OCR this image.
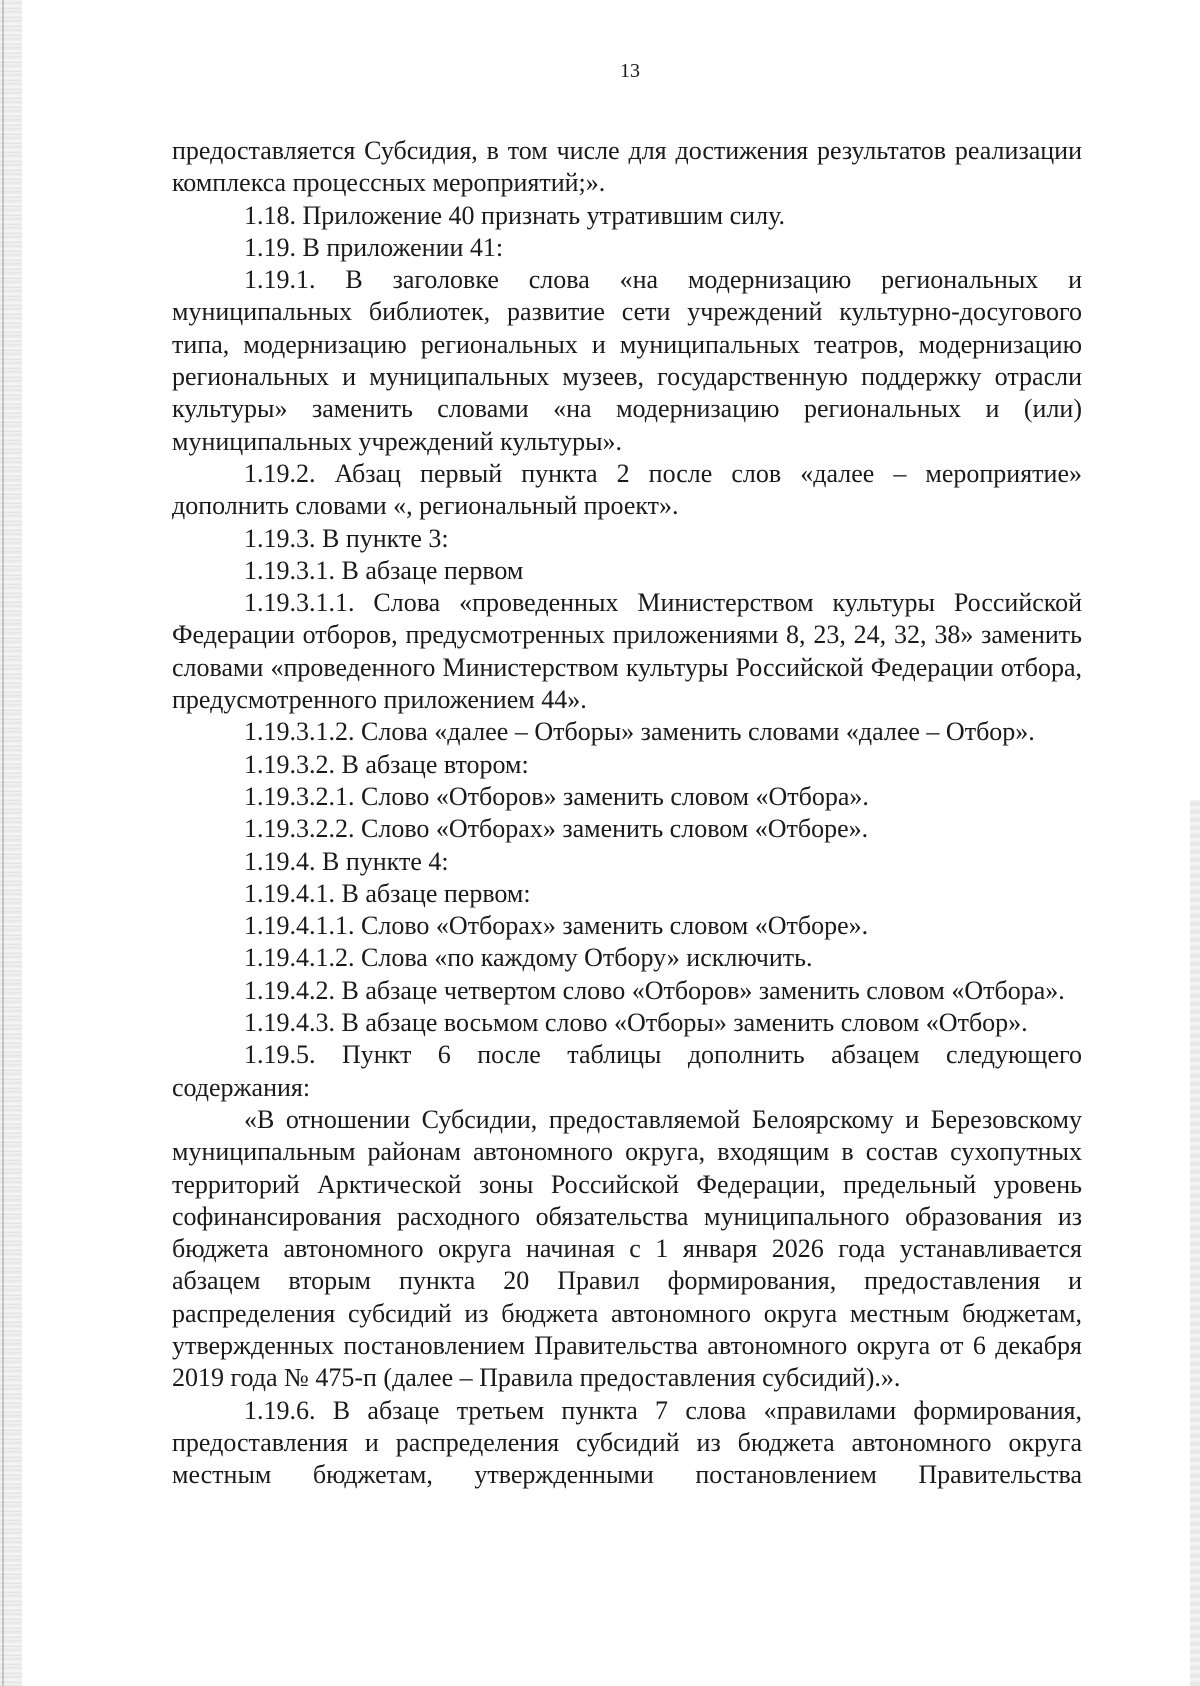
13

предоставляется Субсидия, в том числе для достижения результатов реализации комплекса процессных мероприятий;».

1.18. Приложение 40 признать утратившим силу.

1.19. В приложении 41:

1.19.1. В заголовке слова «на модернизацию региональных и муниципальных библиотек, развитие сети учреждений культурно-досугового типа, модернизацию региональных и муниципальных театров, модернизацию региональных и муниципальных музеев, государственную поддержку отрасли культуры» заменить словами «на модернизацию региональных и (или) муниципальных учреждений культуры».

1.19.2. Абзац первый пункта 2 после слов «далее – мероприятие» дополнить словами «, региональный проект».

1.19.3. В пункте 3:

1.19.3.1. В абзаце первом

1.19.3.1.1. Слова «проведенных Министерством культуры Российской Федерации отборов, предусмотренных приложениями 8, 23, 24, 32, 38» заменить словами «проведенного Министерством культуры Российской Федерации отбора, предусмотренного приложением 44».

1.19.3.1.2. Слова «далее – Отборы» заменить словами «далее – Отбор».

1.19.3.2. В абзаце втором:

1.19.3.2.1. Слово «Отборов» заменить словом «Отбора».

1.19.3.2.2. Слово «Отборах» заменить словом «Отборе».

1.19.4. В пункте 4:

1.19.4.1. В абзаце первом:

1.19.4.1.1. Слово «Отборах» заменить словом «Отборе».

1.19.4.1.2. Слова «по каждому Отбору» исключить.

1.19.4.2. В абзаце четвертом слово «Отборов» заменить словом «Отбора».

1.19.4.3. В абзаце восьмом слово «Отборы» заменить словом «Отбор».

1.19.5. Пункт 6 после таблицы дополнить абзацем следующего содержания:

«В отношении Субсидии, предоставляемой Белоярскому и Березовскому муниципальным районам автономного округа, входящим в состав сухопутных территорий Арктической зоны Российской Федерации, предельный уровень софинансирования расходного обязательства муниципального образования из бюджета автономного округа начиная с 1 января 2026 года устанавливается абзацем вторым пункта 20 Правил формирования, предоставления и распределения субсидий из бюджета автономного округа местным бюджетам, утвержденных постановлением Правительства автономного округа от 6 декабря 2019 года № 475-п (далее – Правила предоставления субсидий).».

1.19.6. В абзаце третьем пункта 7 слова «правилами формирования, предоставления и распределения субсидий из бюджета автономного округа местным бюджетам, утвержденными постановлением Правительства
